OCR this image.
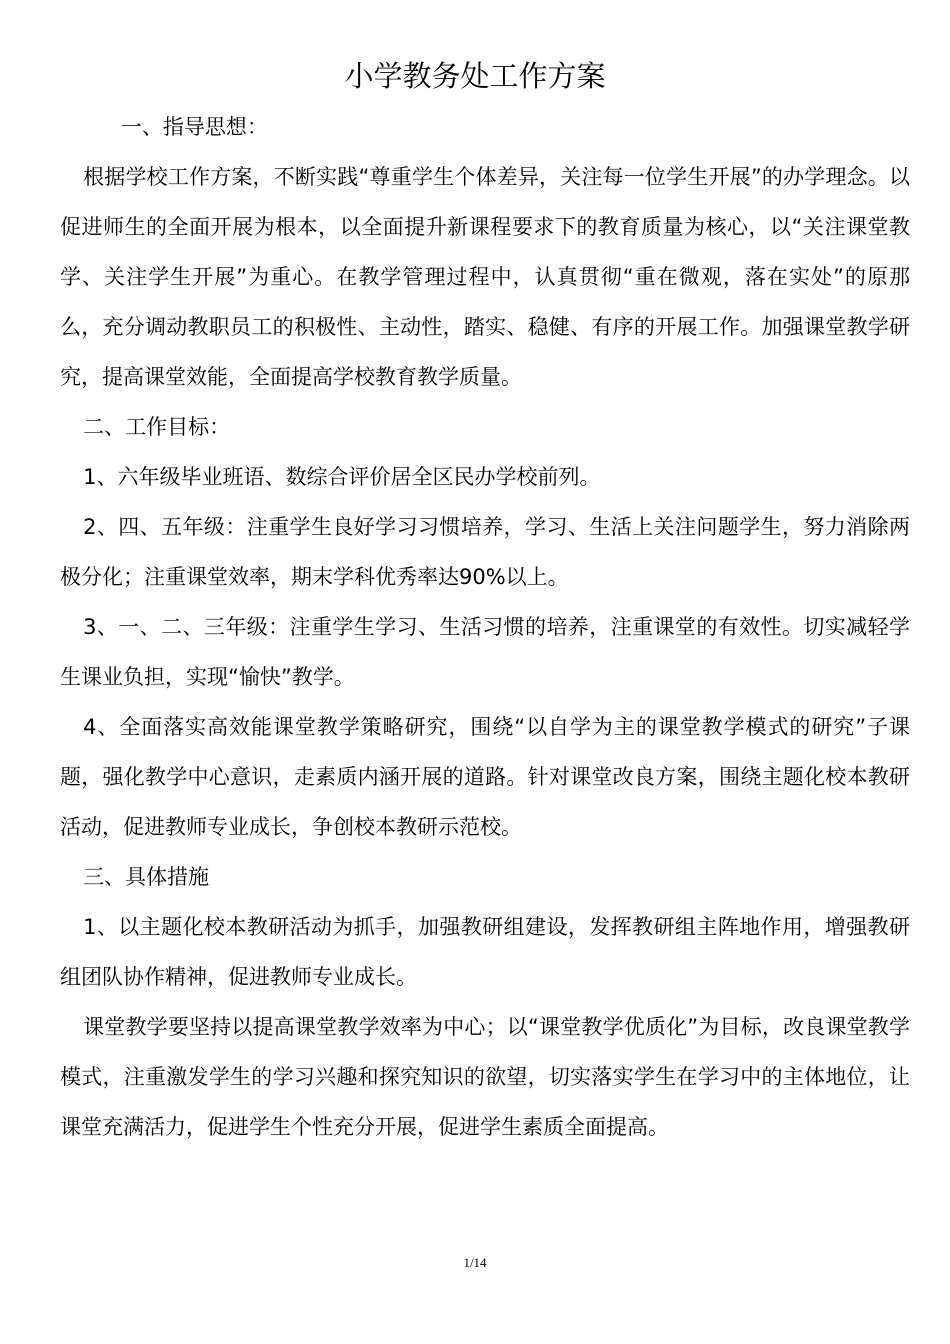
小学教务处工作方案

一、指导思想：

根据学校工作方案，不断实践“尊重学生个体差异，关注每一位学生开展”的办学理念。以促进师生的全面开展为根本，以全面提升新课程要求下的教育质量为核心，以“关注课堂教学、关注学生开展”为重心。在教学管理过程中，认真贯彻“重在微观，落在实处”的原那么，充分调动教职员工的积极性、主动性，踏实、稳健、有序的开展工作。加强课堂教学研究，提高课堂效能，全面提高学校教育教学质量。

二、工作目标：

1、六年级毕业班语、数综合评价居全区民办学校前列。

2、四、五年级：注重学生良好学习习惯培养，学习、生活上关注问题学生，努力消除两极分化；注重课堂效率，期末学科优秀率达90%以上。

3、一、二、三年级：注重学生学习、生活习惯的培养，注重课堂的有效性。切实减轻学生课业负担，实现“愉快”教学。

4、全面落实高效能课堂教学策略研究，围绕“以自学为主的课堂教学模式的研究”子课题，强化教学中心意识，走素质内涵开展的道路。针对课堂改良方案，围绕主题化校本教研活动，促进教师专业成长，争创校本教研示范校。

三、具体措施

1、以主题化校本教研活动为抓手，加强教研组建设，发挥教研组主阵地作用，增强教研组团队协作精神，促进教师专业成长。

课堂教学要坚持以提高课堂教学效率为中心；以“课堂教学优质化”为目标，改良课堂教学模式，注重激发学生的学习兴趣和探究知识的欲望，切实落实学生在学习中的主体地位，让课堂充满活力，促进学生个性充分开展，促进学生素质全面提高。

1/14
